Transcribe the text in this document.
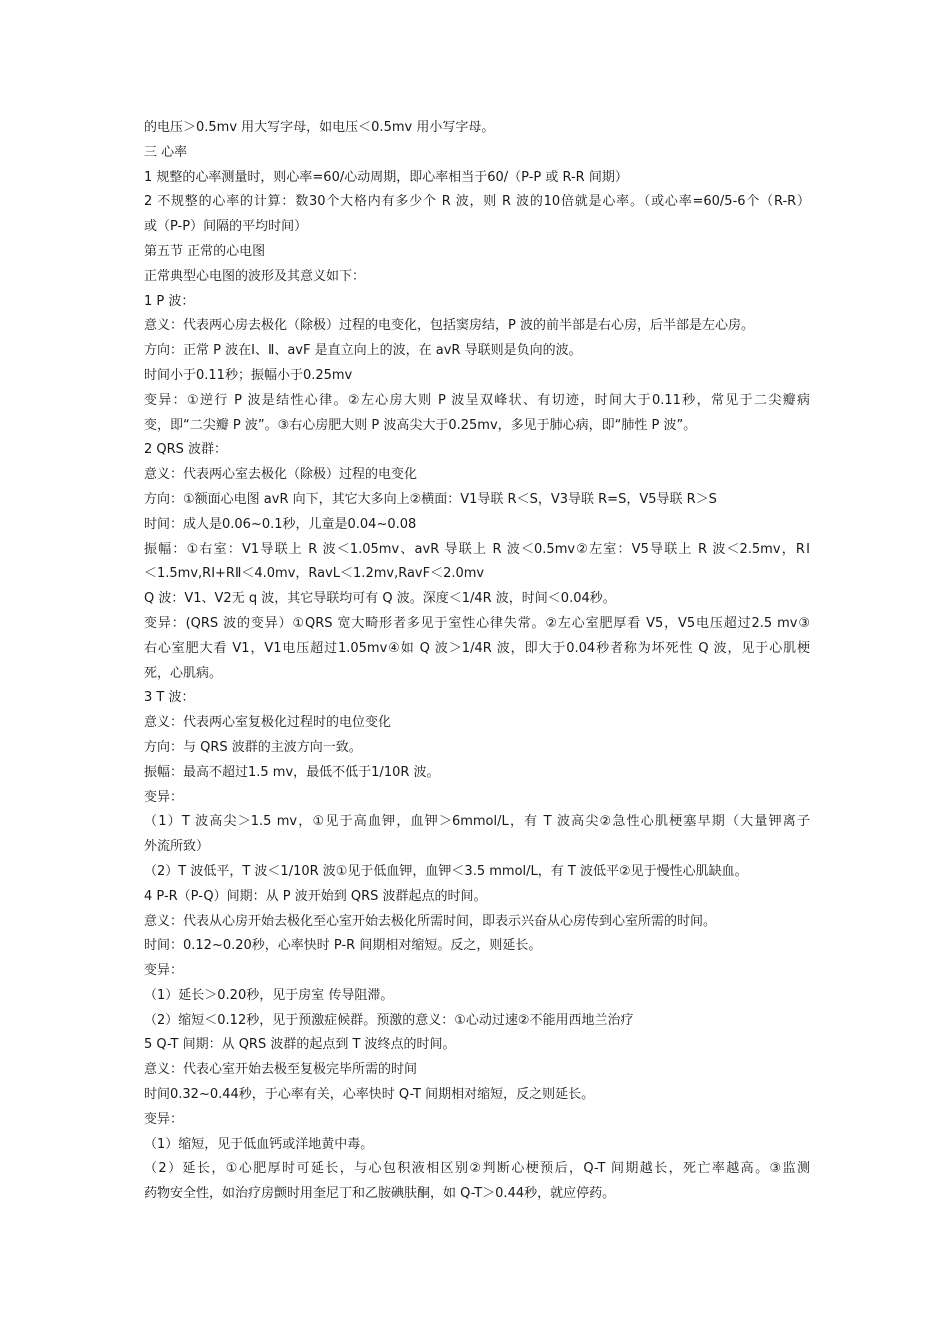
的电压＞0.5mv 用大写字母，如电压＜0.5mv 用小写字母。
三 心率
1 规整的心率测量时，则心率=60/心动周期，即心率相当于60/（P-P 或 R-R 间期）
2 不规整的心率的计算：数30个大格内有多少个 R 波，则 R 波的10倍就是心率。（或心率=60/5-6个（R-R）
或（P-P）间隔的平均时间）
第五节 正常的心电图
正常典型心电图的波形及其意义如下：
1 P 波：
意义：代表两心房去极化（除极）过程的电变化，包括窦房结，P 波的前半部是右心房，后半部是左心房。
方向：正常 P 波在Ⅰ、Ⅱ、avF 是直立向上的波，在 avR 导联则是负向的波。
时间小于0.11秒；振幅小于0.25mv
变异：①逆行 P 波是结性心律。②左心房大则 P 波呈双峰状、有切迹，时间大于0.11秒，常见于二尖瓣病
变，即“二尖瓣 P 波”。③右心房肥大则 P 波高尖大于0.25mv，多见于肺心病，即“肺性 P 波”。
2 QRS 波群：
意义：代表两心室去极化（除极）过程的电变化
方向：①额面心电图 avR 向下，其它大多向上②横面：V1导联 R＜S，V3导联 R=S，V5导联 R＞S
时间：成人是0.06~0.1秒，儿童是0.04~0.08
振幅：①右室：V1导联上 R 波＜1.05mv、avR 导联上 R 波＜0.5mv②左室：V5导联上 R 波＜2.5mv，RⅠ
＜1.5mv,RⅠ+RⅡ＜4.0mv，RavL＜1.2mv,RavF＜2.0mv
Q 波：V1、V2无 q 波，其它导联均可有 Q 波。深度＜1/4R 波，时间＜0.04秒。
变异：(QRS 波的变异）①QRS 宽大畸形者多见于室性心律失常。②左心室肥厚看 V5，V5电压超过2.5 mv③
右心室肥大看 V1，V1电压超过1.05mv④如 Q 波＞1/4R 波，即大于0.04秒者称为坏死性 Q 波，见于心肌梗
死，心肌病。
3 T 波：
意义：代表两心室复极化过程时的电位变化
方向：与 QRS 波群的主波方向一致。
振幅：最高不超过1.5 mv，最低不低于1/10R 波。
变异：
（1）T 波高尖＞1.5 mv，①见于高血钾，血钾＞6mmol/L，有 T 波高尖②急性心肌梗塞早期（大量钾离子
外流所致）
（2）T 波低平，T 波＜1/10R 波①见于低血钾，血钾＜3.5 mmol/L，有 T 波低平②见于慢性心肌缺血。
4 P-R（P-Q）间期：从 P 波开始到 QRS 波群起点的时间。
意义：代表从心房开始去极化至心室开始去极化所需时间，即表示兴奋从心房传到心室所需的时间。
时间：0.12~0.20秒，心率快时 P-R 间期相对缩短。反之，则延长。
变异：
（1）延长＞0.20秒，见于房室 传导阻滞。
（2）缩短＜0.12秒，见于预激症候群。预激的意义：①心动过速②不能用西地兰治疗
5 Q-T 间期：从 QRS 波群的起点到 T 波终点的时间。
意义：代表心室开始去极至复极完毕所需的时间
时间0.32~0.44秒，于心率有关，心率快时 Q-T 间期相对缩短，反之则延长。
变异：
（1）缩短，见于低血钙或洋地黄中毒。
（2）延长，①心肥厚时可延长，与心包积液相区别②判断心梗预后，Q-T 间期越长，死亡率越高。③监测
药物安全性，如治疗房颤时用奎尼丁和乙胺碘肤酮，如 Q-T＞0.44秒，就应停药。
